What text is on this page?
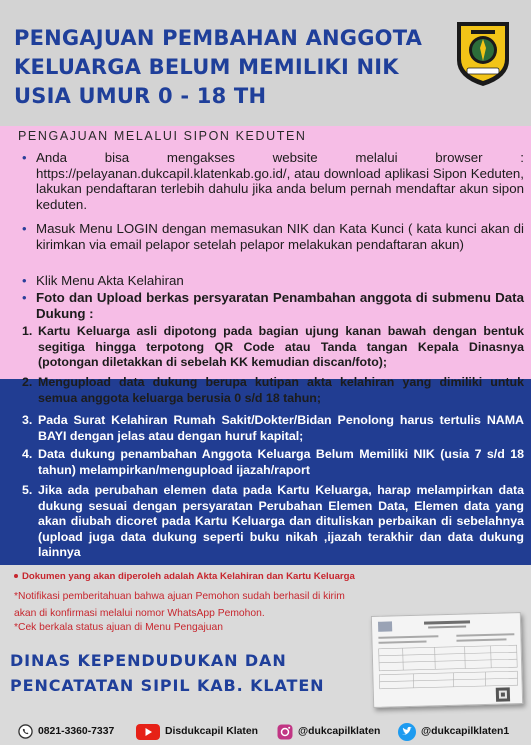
PENGAJUAN PEMBAHAN ANGGOTA
KELUARGA BELUM MEMILIKI NIK
USIA UMUR 0 - 18 TH
PENGAJUAN MELALUI SIPON KEDUTEN
• Anda bisa mengakses website melalui browser : https://pelayanan.dukcapil.klatenkab.go.id/, atau download aplikasi Sipon Keduten, lakukan pendaftaran terlebih dahulu jika anda belum pernah mendaftar akun sipon keduten.
• Masuk Menu LOGIN dengan memasukan NIK dan Kata Kunci ( kata kunci akan di kirimkan via email pelapor setelah pelapor melakukan pendaftaran akun)
• Klik Menu Akta Kelahiran
• Foto dan Upload berkas persyaratan Penambahan anggota di submenu Data Dukung :
1. Kartu Keluarga asli dipotong pada bagian ujung kanan bawah dengan bentuk segitiga hingga terpotong QR Code atau Tanda tangan Kepala Dinasnya (potongan diletakkan di sebelah KK kemudian discan/foto);
2. Mengupload data dukung berupa kutipan akta kelahiran yang dimiliki untuk semua anggota keluarga berusia 0 s/d 18 tahun;
3. Pada Surat Kelahiran Rumah Sakit/Dokter/Bidan Penolong harus tertulis NAMA BAYI dengan jelas atau dengan huruf kapital;
4. Data dukung penambahan Anggota Keluarga Belum Memiliki NIK (usia 7 s/d 18 tahun) melampirkan/mengupload ijazah/raport
5. Jika ada perubahan elemen data pada Kartu Keluarga, harap melampirkan data dukung sesuai dengan persyaratan Perubahan Elemen Data, Elemen data yang akan diubah dicoret pada Kartu Keluarga dan dituliskan perbaikan di sebelahnya (upload juga data dukung seperti buku nikah ,ijazah terakhir dan data dukung lainnya
Dokumen yang akan diperoleh adalah Akta Kelahiran dan Kartu Keluarga
*Notifikasi pemberitahuan bahwa ajuan Pemohon sudah berhasil di kirim akan di konfirmasi melalui nomor WhatsApp Pemohon.
*Cek berkala status ajuan di Menu Pengajuan
DINAS KEPENDUDUKAN DAN
PENCATATAN SIPIL KAB. KLATEN
0821-3360-7337	Disdukcapil Klaten	@dukcapilklaten	@dukcapilklaten1
